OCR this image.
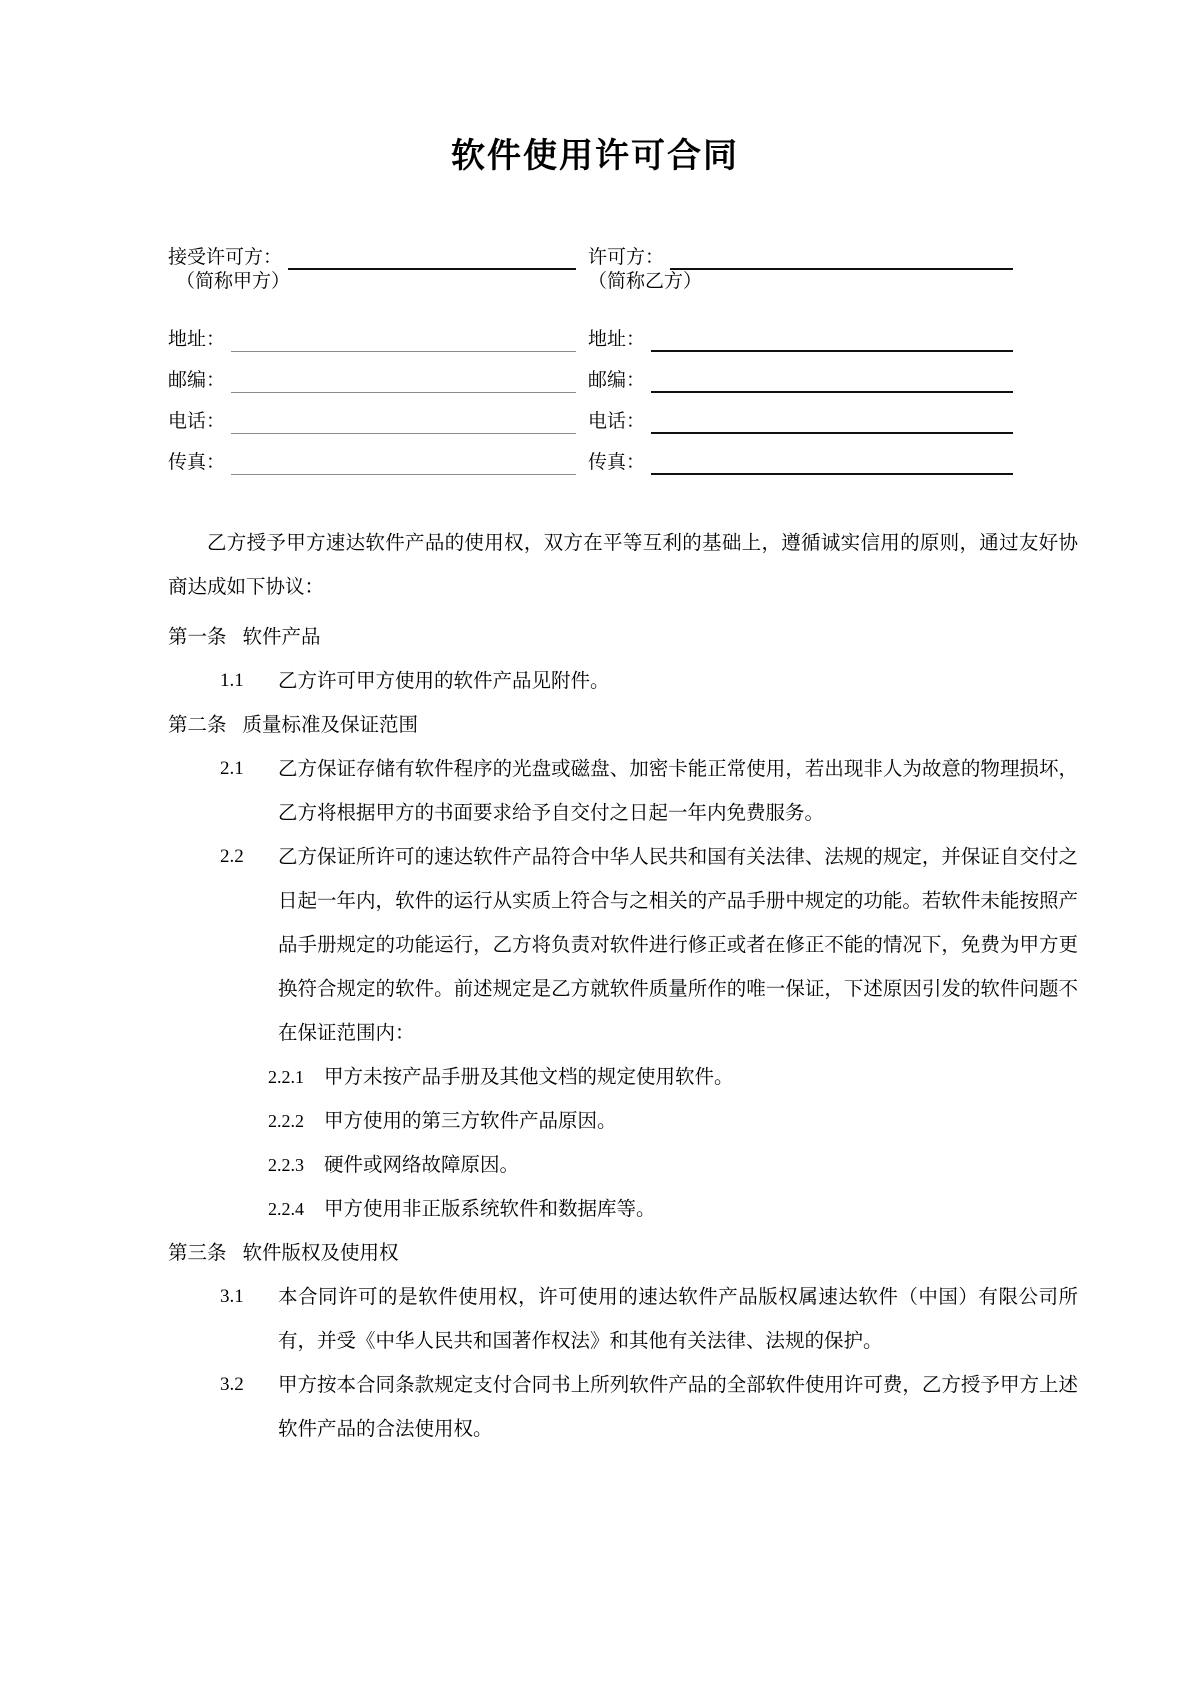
软件使用许可合同
接受许可方：
（简称甲方）
地址：
邮编：
电话：
传真：
许可方：
（简称乙方）
地址：
邮编：
电话：
传真：

乙方授予甲方速达软件产品的使用权，双方在平等互利的基础上，遵循诚实信用的原则，通过友好协商达成如下协议：

第一条 软件产品

1.1	乙方许可甲方使用的软件产品见附件。

第二条 质量标准及保证范围

2.1	乙方保证存储有软件程序的光盘或磁盘、加密卡能正常使用，若出现非人为故意的物理损坏，乙方将根据甲方的书面要求给予自交付之日起一年内免费服务。
2.2	乙方保证所许可的速达软件产品符合中华人民共和国有关法律、法规的规定，并保证自交付之日起一年内，软件的运行从实质上符合与之相关的产品手册中规定的功能。若软件未能按照产品手册规定的功能运行，乙方将负责对软件进行修正或者在修正不能的情况下，免费为甲方更换符合规定的软件。前述规定是乙方就软件质量所作的唯一保证，下述原因引发的软件问题不在保证范围内：
2.2.1	甲方未按产品手册及其他文档的规定使用软件。
2.2.2	甲方使用的第三方软件产品原因。
2.2.3	硬件或网络故障原因。
2.2.4	甲方使用非正版系统软件和数据库等。

第三条 软件版权及使用权

3.1	本合同许可的是软件使用权，许可使用的速达软件产品版权属速达软件（中国）有限公司所有，并受《中华人民共和国著作权法》和其他有关法律、法规的保护。
3.2	甲方按本合同条款规定支付合同书上所列软件产品的全部软件使用许可费，乙方授予甲方上述软件产品的合法使用权。
